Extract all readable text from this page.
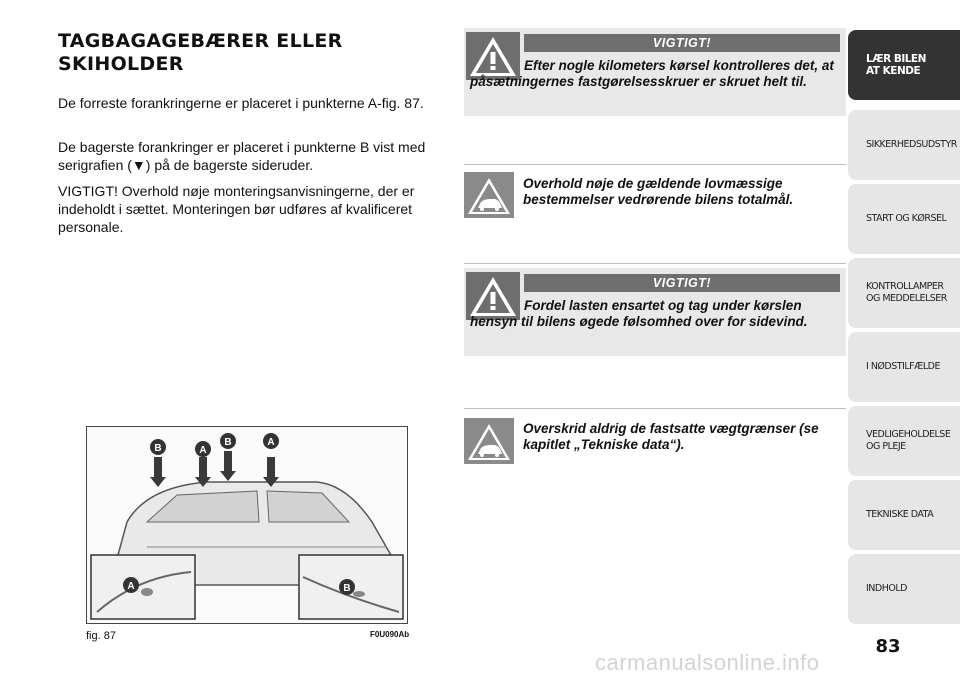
TAGBAGAGEBÆRER ELLER SKIHOLDER
De forreste forankringerne er placeret i punkterne A-fig. 87.
De bagerste forankringer er placeret i punkterne B vist med serigrafien (▼) på de bagerste sideruder.
VIGTIGT! Overhold nøje monteringsanvisningerne, der er indeholdt i sættet. Monteringen bør udføres af kvalificeret personale.
B	A
B	A
A	B
fig. 87	F0U090Ab
VIGTIGT!
Efter nogle kilometers kørsel kontrolleres det, at påsætningernes fastgørelsesskruer er skruet helt til.
Overhold nøje de gældende lovmæssige bestemmelser vedrørende bilens totalmål.
VIGTIGT!
Fordel lasten ensartet og tag under kørslen hensyn til bilens øgede følsomhed over for sidevind.
Overskrid aldrig de fastsatte vægtgrænser (se kapitlet „Tekniske data“).
LÆR BILEN
AT KENDE
SIKKERHEDSUDSTYR
START OG KØRSEL
KONTROLLAMPER
OG MEDDELELSER
I NØDSTILFÆLDE
VEDLIGEHOLDELSE
OG PLEJE
TEKNISKE DATA
INDHOLD
83
carmanualsonline.info
